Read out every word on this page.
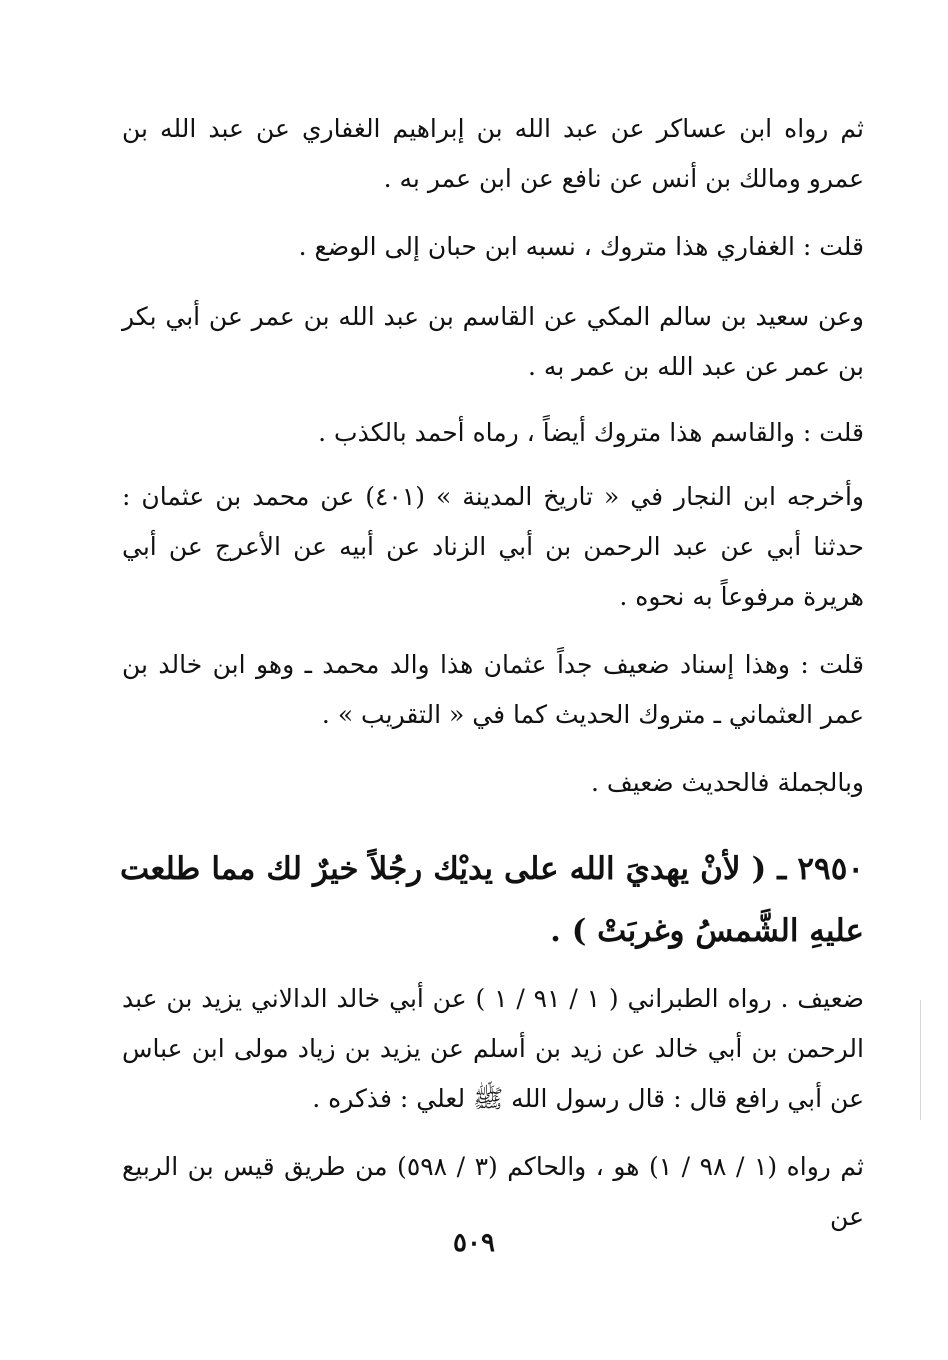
ثم رواه ابن عساكر عن عبد الله بن إبراهيم الغفاري عن عبد الله بن عمرو ومالك بن أنس عن نافع عن ابن عمر به .

قلت : الغفاري هذا متروك ، نسبه ابن حبان إلى الوضع .

وعن سعيد بن سالم المكي عن القاسم بن عبد الله بن عمر عن أبي بكر بن عمر عن عبد الله بن عمر به .

قلت : والقاسم هذا متروك أيضاً ، رماه أحمد بالكذب .

وأخرجه ابن النجار في « تاريخ المدينة » (٤٠١) عن محمد بن عثمان : حدثنا أبي عن عبد الرحمن بن أبي الزناد عن أبيه عن الأعرج عن أبي هريرة مرفوعاً به نحوه .

قلت : وهذا إسناد ضعيف جداً عثمان هذا والد محمد ـ وهو ابن خالد بن عمر العثماني ـ متروك الحديث كما في « التقريب » .

وبالجملة فالحديث ضعيف .

٢٩٥٠ ـ ( لأنْ يهديَ الله على يديْك رجُلاً خيرٌ لك مما طلعت عليهِ الشَّمسُ وغربَتْ ) .

ضعيف . رواه الطبراني ( ١ / ٩١ / ١ ) عن أبي خالد الدالاني يزيد بن عبد الرحمن بن أبي خالد عن زيد بن أسلم عن يزيد بن زياد مولى ابن عباس عن أبي رافع قال : قال رسول الله ﷺ لعلي : فذكره .

ثم رواه (١ / ٩٨ / ١) هو ، والحاكم (٣ / ٥٩٨) من طريق قيس بن الربيع عن

٥٠٩
